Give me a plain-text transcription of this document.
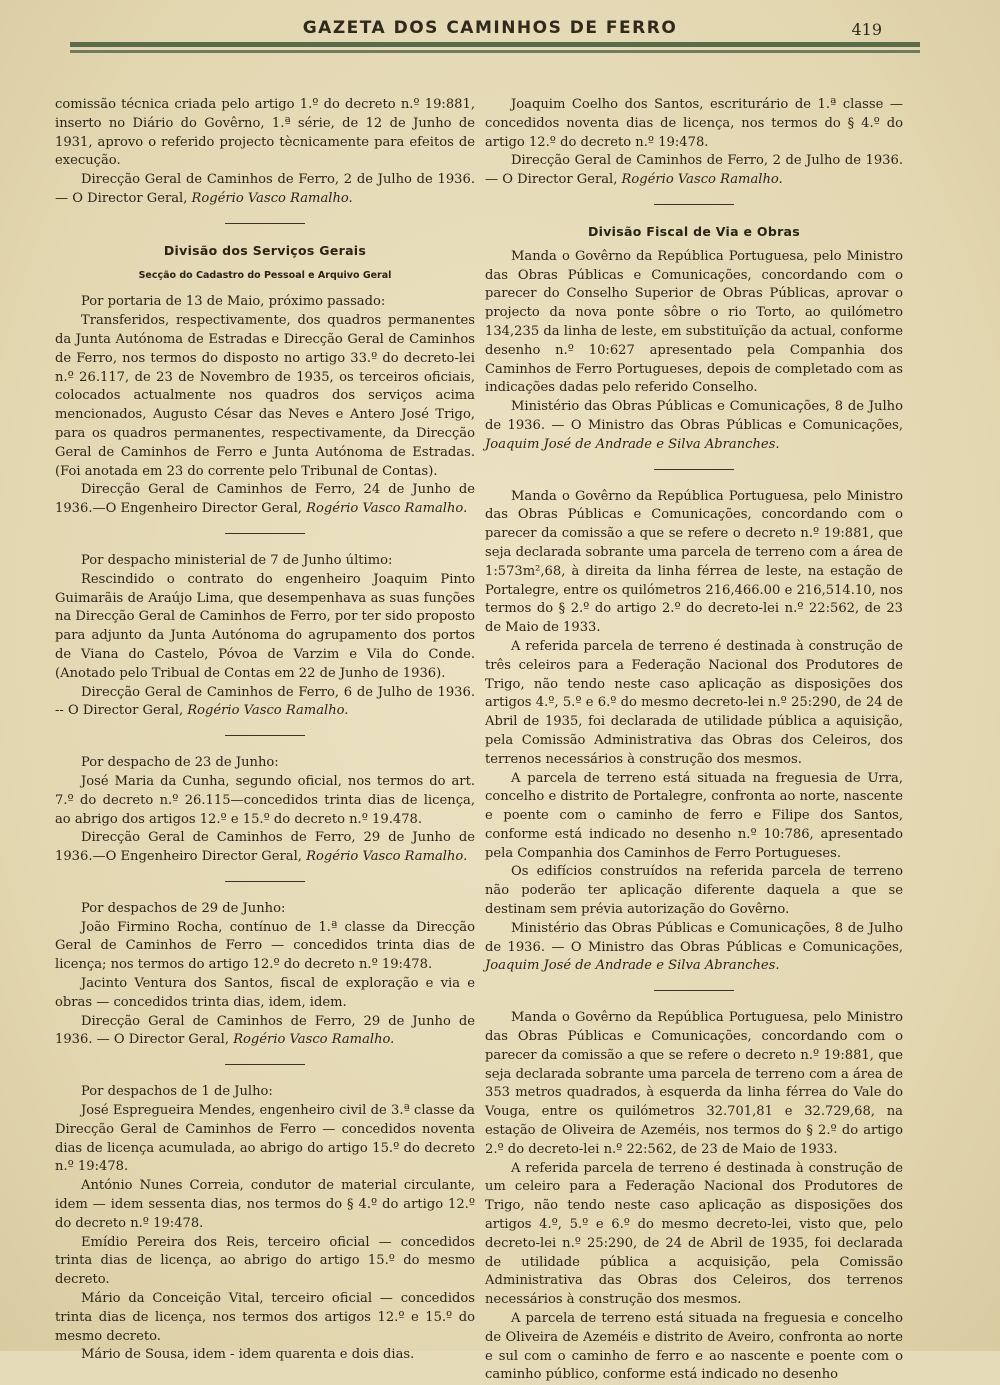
GAZETA DOS CAMINHOS DE FERRO	419

comissão técnica criada pelo artigo 1.º do decreto n.º 19:881, inserto no Diário do Govêrno, 1.ª série, de 12 de Junho de 1931, aprovo o referido projecto tècnicamente para efeitos de execução.

Direcção Geral de Caminhos de Ferro, 2 de Julho de 1936. — O Director Geral, Rogério Vasco Ramalho.

Divisão dos Serviços Gerais
Secção do Cadastro do Pessoal e Arquivo Geral

Por portaria de 13 de Maio, próximo passado:

Transferidos, respectivamente, dos quadros permanentes da Junta Autónoma de Estradas e Direcção Geral de Caminhos de Ferro, nos termos do disposto no artigo 33.º do decreto-lei n.º 26.117, de 23 de Novembro de 1935, os terceiros oficiais, colocados actualmente nos quadros dos serviços acima mencionados, Augusto César das Neves e Antero José Trigo, para os quadros permanentes, respectivamente, da Direcção Geral de Caminhos de Ferro e Junta Autónoma de Estradas. (Foi anotada em 23 do corrente pelo Tribunal de Contas).

Direcção Geral de Caminhos de Ferro, 24 de Junho de 1936.—O Engenheiro Director Geral, Rogério Vasco Ramalho.

Por despacho ministerial de 7 de Junho último:

Rescindido o contrato do engenheiro Joaquim Pinto Guimarãis de Araújo Lima, que desempenhava as suas funções na Direcção Geral de Caminhos de Ferro, por ter sido proposto para adjunto da Junta Autónoma do agrupamento dos portos de Viana do Castelo, Póvoa de Varzim e Vila do Conde. (Anotado pelo Tribual de Contas em 22 de Junho de 1936).

Direcção Geral de Caminhos de Ferro, 6 de Julho de 1936. -- O Director Geral, Rogério Vasco Ramalho.

Por despacho de 23 de Junho:

José Maria da Cunha, segundo oficial, nos termos do art. 7.º do decreto n.º 26.115—concedidos trinta dias de licença, ao abrigo dos artigos 12.º e 15.º do decreto n.º 19.478.

Direcção Geral de Caminhos de Ferro, 29 de Junho de 1936.—O Engenheiro Director Geral, Rogério Vasco Ramalho.

Por despachos de 29 de Junho:

João Firmino Rocha, contínuo de 1.ª classe da Direcção Geral de Caminhos de Ferro — concedidos trinta dias de licença; nos termos do artigo 12.º do decreto n.º 19:478.

Jacinto Ventura dos Santos, fiscal de exploração e via e obras — concedidos trinta dias, idem, idem.

Direcção Geral de Caminhos de Ferro, 29 de Junho de 1936. — O Director Geral, Rogério Vasco Ramalho.

Por despachos de 1 de Julho:

José Espregueira Mendes, engenheiro civil de 3.ª classe da Direcção Geral de Caminhos de Ferro — concedidos noventa dias de licença acumulada, ao abrigo do artigo 15.º do decreto n.º 19:478.

António Nunes Correia, condutor de material circulante, idem — idem sessenta dias, nos termos do § 4.º do artigo 12.º do decreto n.º 19:478.

Emídio Pereira dos Reis, terceiro oficial — concedidos trinta dias de licença, ao abrigo do artigo 15.º do mesmo decreto.

Mário da Conceição Vital, terceiro oficial — concedidos trinta dias de licença, nos termos dos artigos 12.º e 15.º do mesmo decreto.

Mário de Sousa, idem - idem quarenta e dois dias.

Joaquim Coelho dos Santos, escriturário de 1.ª classe — concedidos noventa dias de licença, nos termos do § 4.º do artigo 12.º do decreto n.º 19:478.

Direcção Geral de Caminhos de Ferro, 2 de Julho de 1936. — O Director Geral, Rogério Vasco Ramalho.

Divisão Fiscal de Via e Obras

Manda o Govêrno da República Portuguesa, pelo Ministro das Obras Públicas e Comunicações, concordando com o parecer do Conselho Superior de Obras Públicas, aprovar o projecto da nova ponte sôbre o rio Torto, ao quilómetro 134,235 da linha de leste, em substituïção da actual, conforme desenho n.º 10:627 apresentado pela Companhia dos Caminhos de Ferro Portugueses, depois de completado com as indicações dadas pelo referido Conselho.

Ministério das Obras Públicas e Comunicações, 8 de Julho de 1936. — O Ministro das Obras Públicas e Comunicações, Joaquim José de Andrade e Silva Abranches.

Manda o Govêrno da República Portuguesa, pelo Ministro das Obras Públicas e Comunicações, concordando com o parecer da comissão a que se refere o decreto n.º 19:881, que seja declarada sobrante uma parcela de terreno com a área de 1:573m²,68, à direita da linha férrea de leste, na estação de Portalegre, entre os quilómetros 216,466.00 e 216,514.10, nos termos do § 2.º do artigo 2.º do decreto-lei n.º 22:562, de 23 de Maio de 1933.

A referida parcela de terreno é destinada à construção de três celeiros para a Federação Nacional dos Produtores de Trigo, não tendo neste caso aplicação as disposições dos artigos 4.º, 5.º e 6.º do mesmo decreto-lei n.º 25:290, de 24 de Abril de 1935, foi declarada de utilidade pública a aquisição, pela Comissão Administrativa das Obras dos Celeiros, dos terrenos necessários à construção dos mesmos.

A parcela de terreno está situada na freguesia de Urra, concelho e distrito de Portalegre, confronta ao norte, nascente e poente com o caminho de ferro e Filipe dos Santos, conforme está indicado no desenho n.º 10:786, apresentado pela Companhia dos Caminhos de Ferro Portugueses.

Os edifícios construídos na referida parcela de terreno não poderão ter aplicação diferente daquela a que se destinam sem prévia autorização do Govêrno.

Ministério das Obras Públicas e Comunicações, 8 de Julho de 1936. — O Ministro das Obras Públicas e Comunicações, Joaquim José de Andrade e Silva Abranches.

Manda o Govêrno da República Portuguesa, pelo Ministro das Obras Públicas e Comunicações, concordando com o parecer da comissão a que se refere o decreto n.º 19:881, que seja declarada sobrante uma parcela de terreno com a área de 353 metros quadrados, à esquerda da linha férrea do Vale do Vouga, entre os quilómetros 32.701,81 e 32.729,68, na estação de Oliveira de Azeméis, nos termos do § 2.º do artigo 2.º do decreto-lei n.º 22:562, de 23 de Maio de 1933.

A referida parcela de terreno é destinada à construção de um celeiro para a Federação Nacional dos Produtores de Trigo, não tendo neste caso aplicação as disposições dos artigos 4.º, 5.º e 6.º do mesmo decreto-lei, visto que, pelo decreto-lei n.º 25:290, de 24 de Abril de 1935, foi declarada de utilidade pública a acquisição, pela Comissão Administrativa das Obras dos Celeiros, dos terrenos necessários à construção dos mesmos.

A parcela de terreno está situada na freguesia e concelho de Oliveira de Azeméis e distrito de Aveiro, confronta ao norte e sul com o caminho de ferro e ao nascente e poente com o caminho público, conforme está indicado no desenho
